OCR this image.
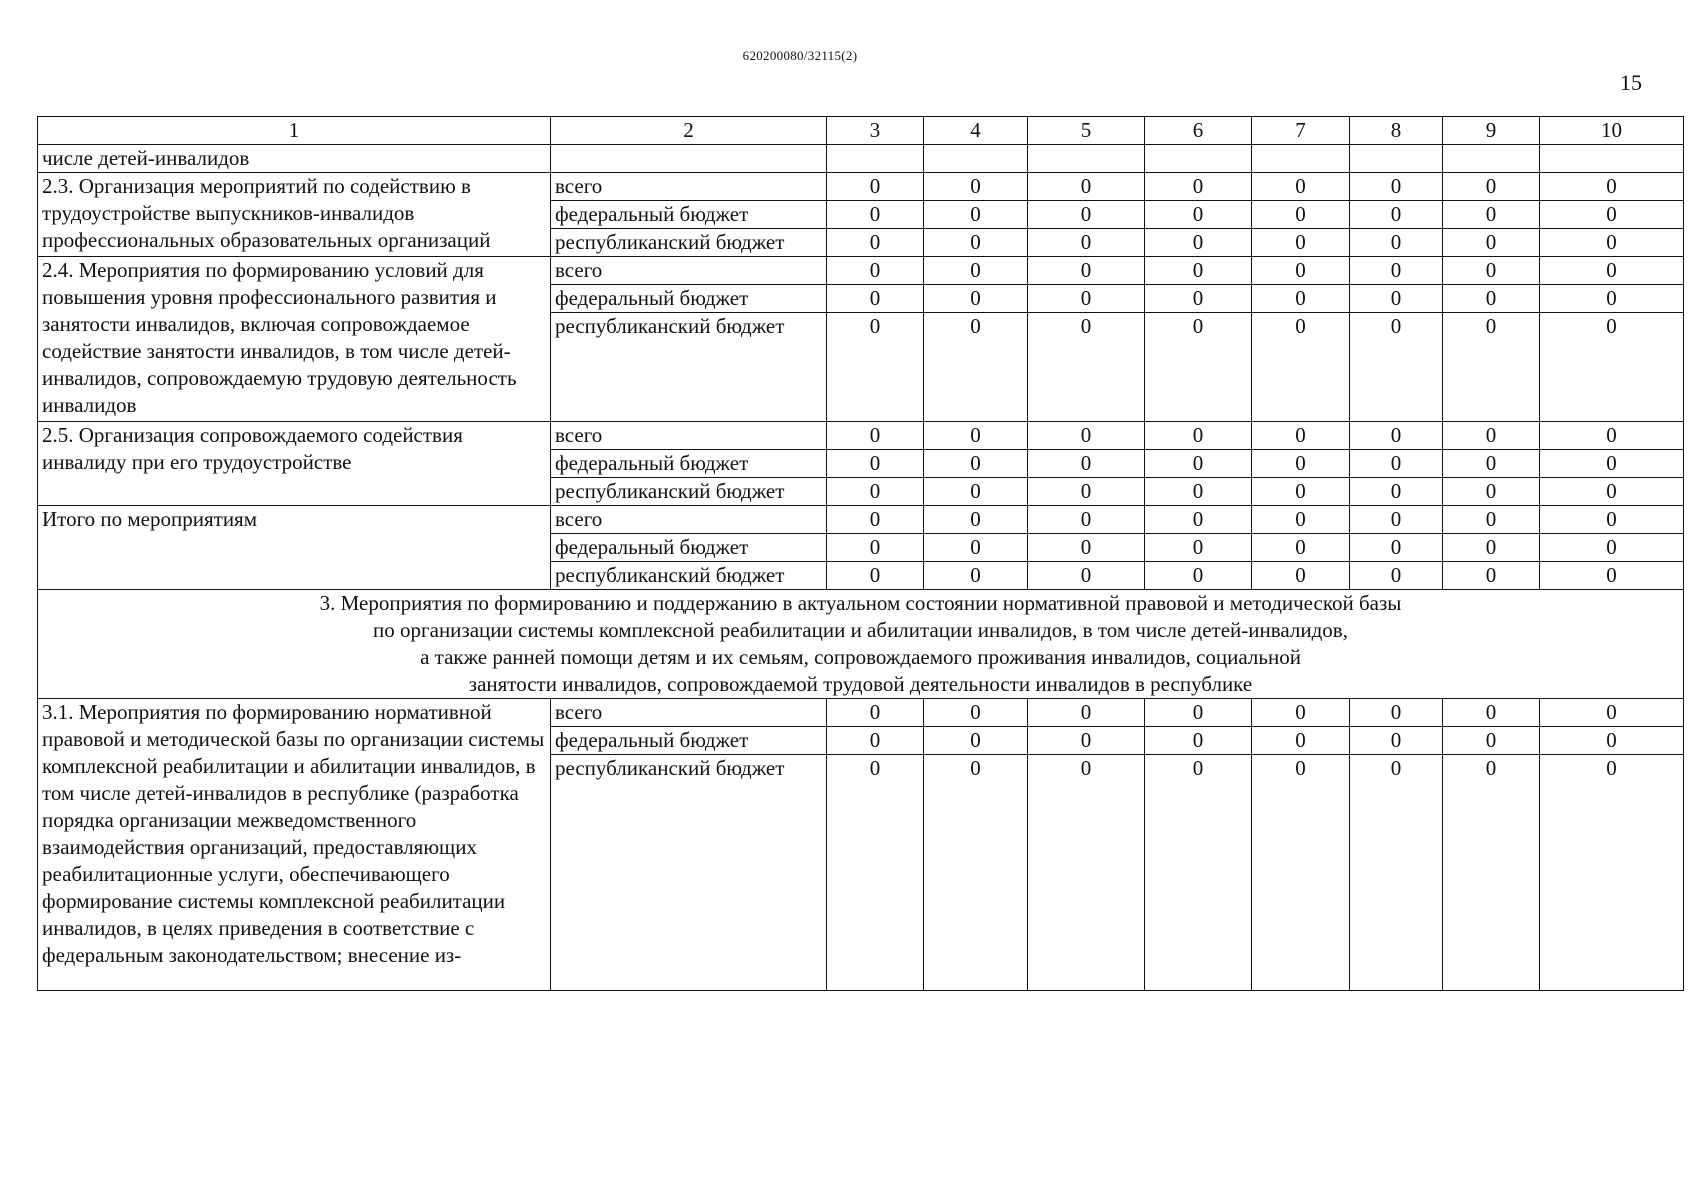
620200080/32115(2)
15
1	2	3	4	5	6	7	8	9	10
числе детей-инвалидов									
2.3. Организация мероприятий по содействию в трудоустройстве выпускников-инвалидов профессиональных образовательных организаций	всего	0	0	0	0	0	0	0	0
	федеральный бюджет	0	0	0	0	0	0	0	0
	республиканский бюджет	0	0	0	0	0	0	0	0
2.4. Мероприятия по формированию условий для повышения уровня профессионального развития и занятости инвалидов, включая сопровождаемое содействие занятости инвалидов, в том числе детей-инвалидов, сопровождаемую трудовую деятельность инвалидов	всего	0	0	0	0	0	0	0	0
	федеральный бюджет	0	0	0	0	0	0	0	0
	республиканский бюджет	0	0	0	0	0	0	0	0
2.5. Организация сопровождаемого содействия инвалиду при его трудоустройстве	всего	0	0	0	0	0	0	0	0
	федеральный бюджет	0	0	0	0	0	0	0	0
	республиканский бюджет	0	0	0	0	0	0	0	0
Итого по мероприятиям	всего	0	0	0	0	0	0	0	0
	федеральный бюджет	0	0	0	0	0	0	0	0
	республиканский бюджет	0	0	0	0	0	0	0	0

3. Мероприятия по формированию и поддержанию в актуальном состоянии нормативной правовой и методической базы
по организации системы комплексной реабилитации и абилитации инвалидов, в том числе детей-инвалидов,
а также ранней помощи детям и их семьям, сопровождаемого проживания инвалидов, социальной
занятости инвалидов, сопровождаемой трудовой деятельности инвалидов в республике									

3.1. Мероприятия по формированию нормативной правовой и методической базы по организации системы комплексной реабилитации и абилитации инвалидов, в том числе детей-инвалидов в республике (разработка порядка организации межведомственного взаимодействия организаций, предоставляющих реабилитационные услуги, обеспечивающего формирование системы комплексной реабилитации инвалидов, в целях приведения в соответствие с федеральным законодательством; внесение из-	всего	0	0	0	0	0	0	0	0
	федеральный бюджет	0	0	0	0	0	0	0	0
	республиканский бюджет	0	0	0	0	0	0	0	0
